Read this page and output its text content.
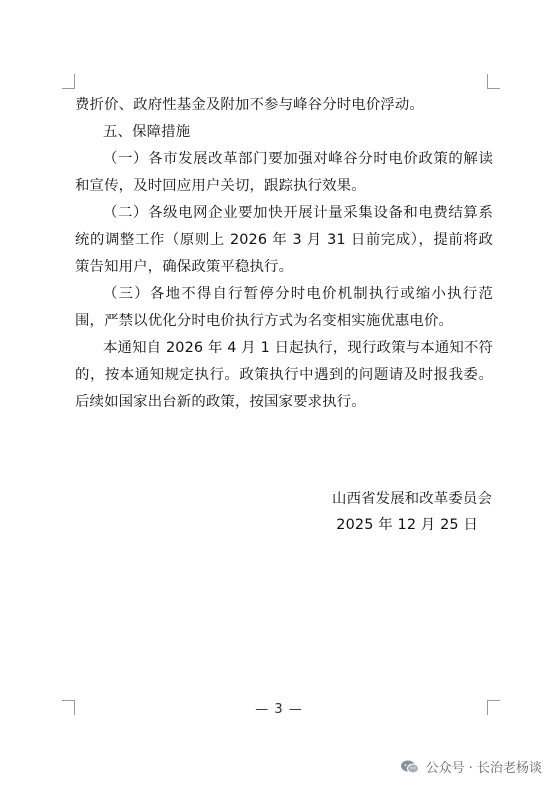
费折价、政府性基金及附加不参与峰谷分时电价浮动。

五、保障措施

（一）各市发展改革部门要加强对峰谷分时电价政策的解读和宣传，及时回应用户关切，跟踪执行效果。

（二）各级电网企业要加快开展计量采集设备和电费结算系统的调整工作（原则上 2026 年 3 月 31 日前完成），提前将政策告知用户，确保政策平稳执行。

（三）各地不得自行暂停分时电价机制执行或缩小执行范围，严禁以优化分时电价执行方式为名变相实施优惠电价。

本通知自 2026 年 4 月 1 日起执行，现行政策与本通知不符的，按本通知规定执行。政策执行中遇到的问题请及时报我委。后续如国家出台新的政策，按国家要求执行。

山西省发展和改革委员会
2025 年 12 月 25 日
— 3 —
公众号 · 长治老杨谈
